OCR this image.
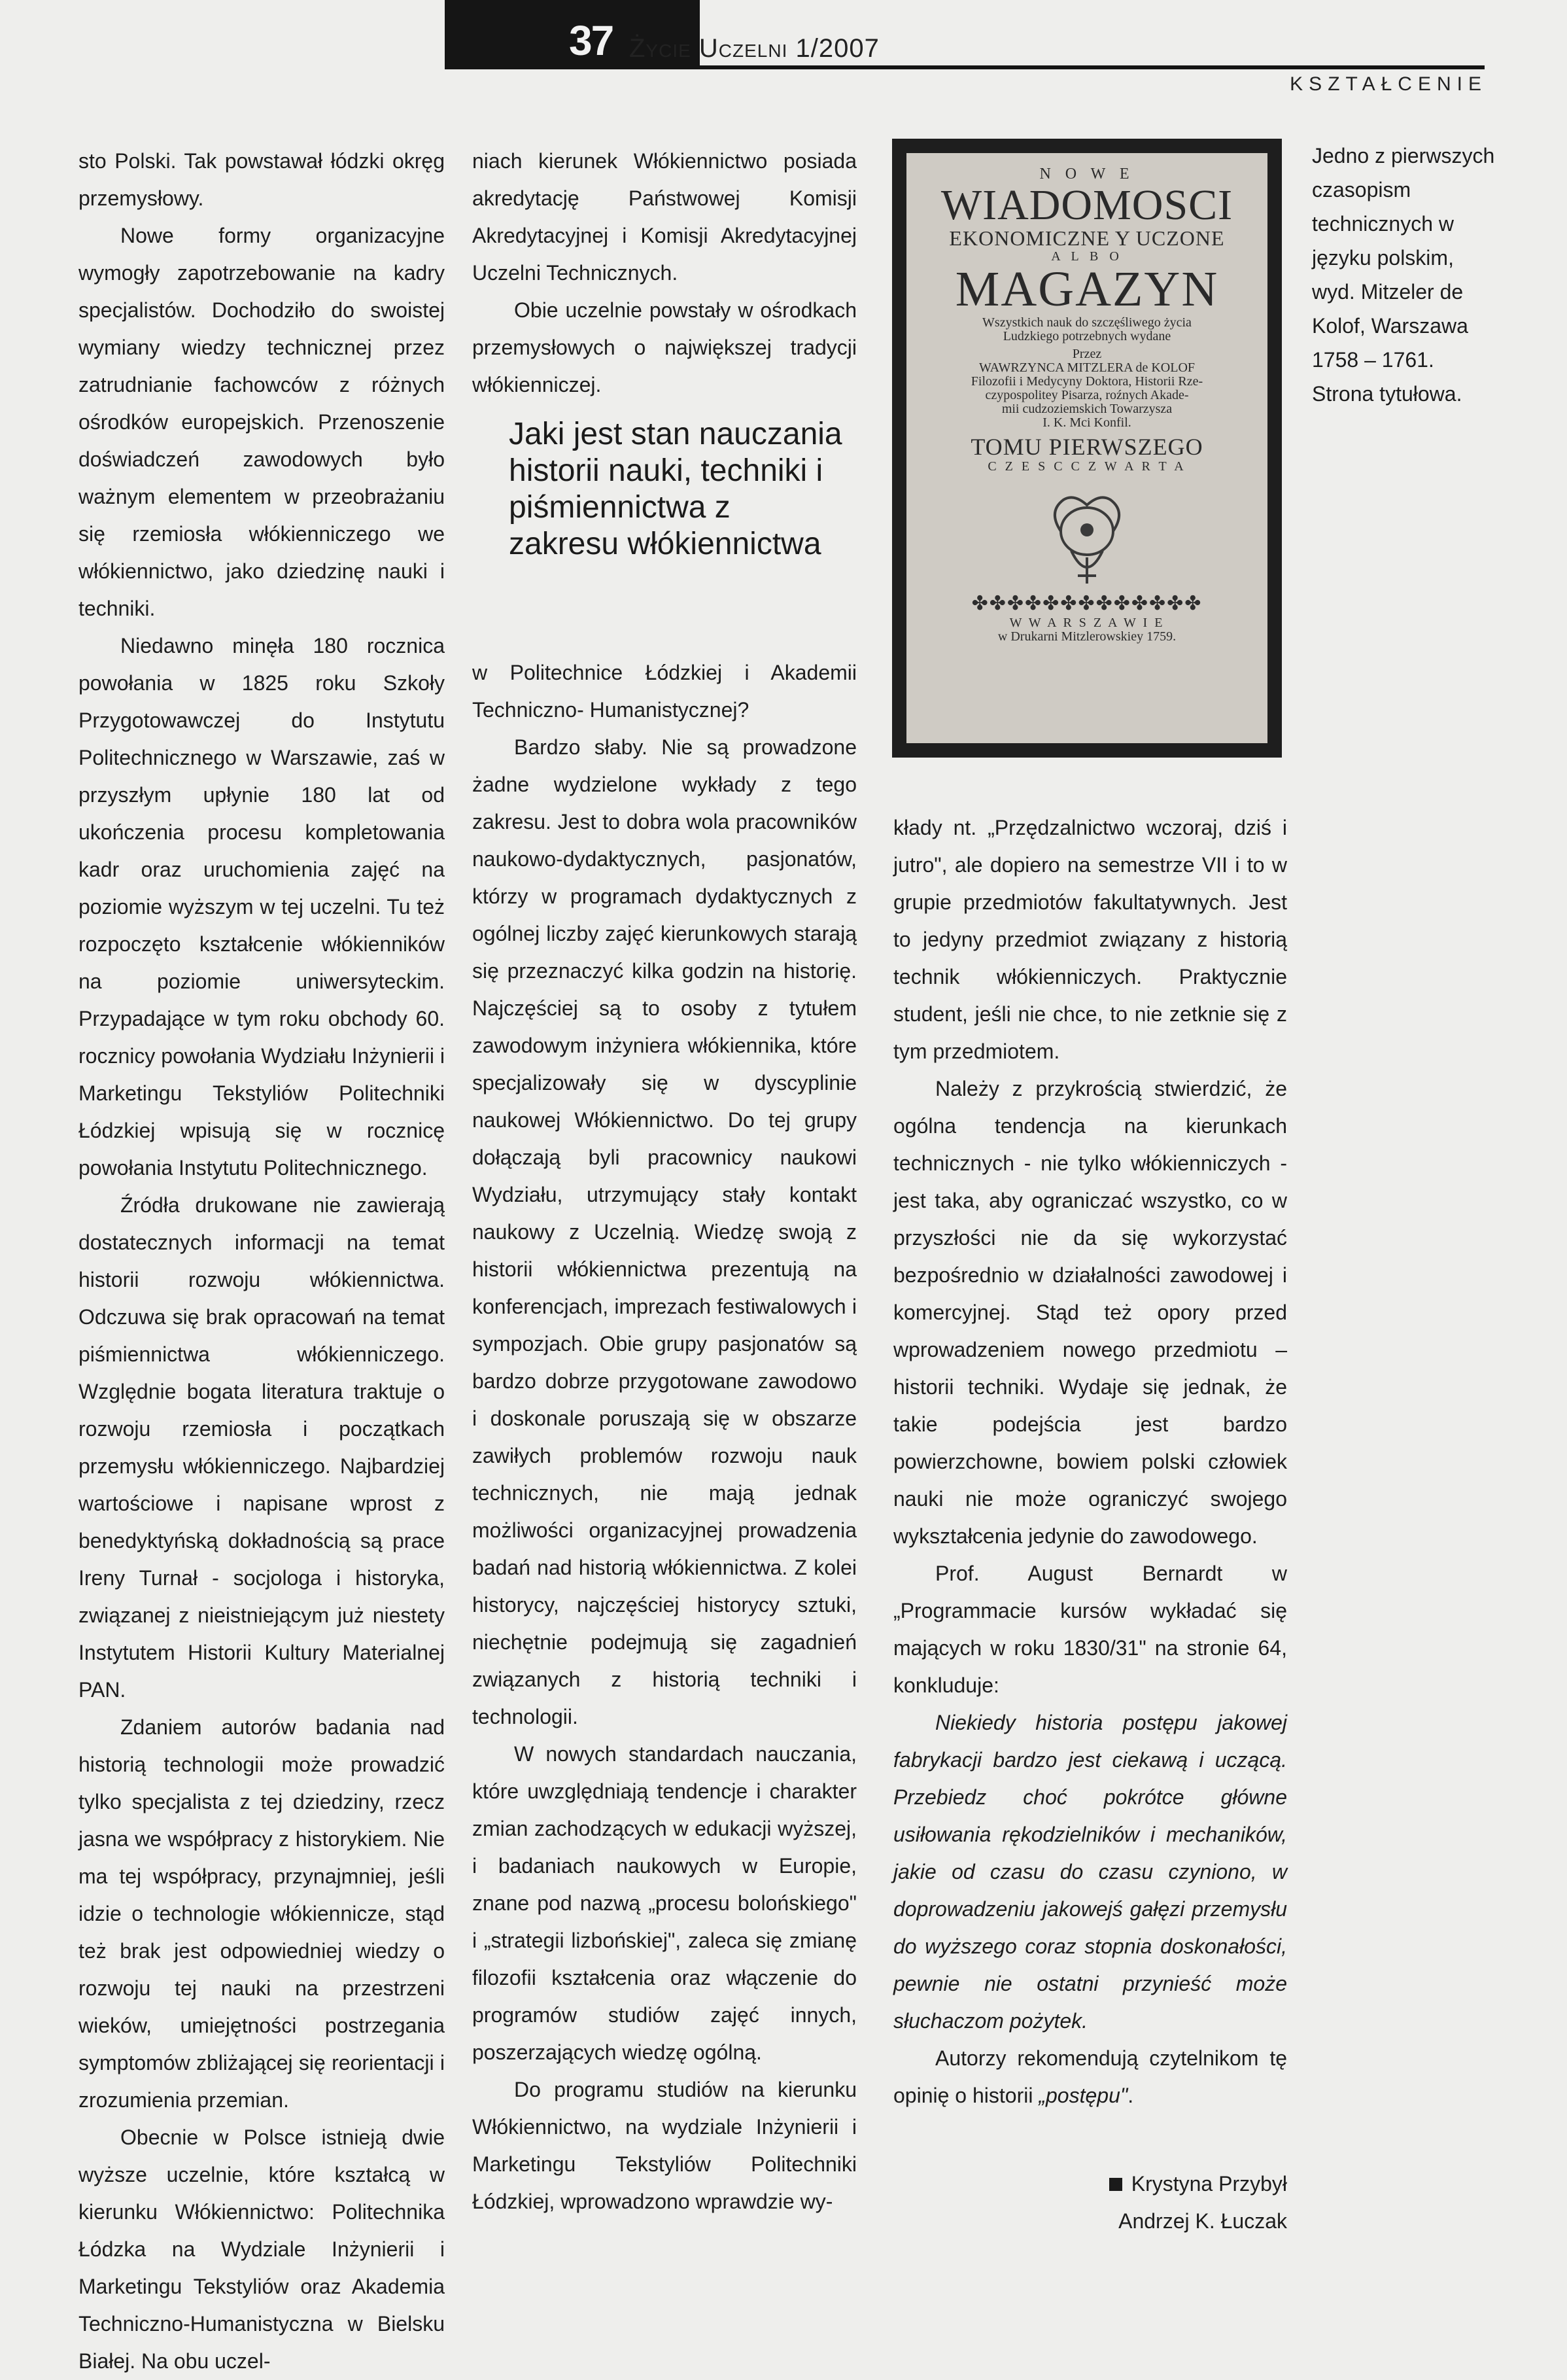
37 Życie Uczelni 1/2007
KSZTAŁCENIE

sto Polski. Tak powstawał łódzki okręg przemysłowy.

Nowe formy organizacyjne wymogły zapotrzebowanie na kadry specjalistów. Dochodziło do swoistej wymiany wiedzy technicznej przez zatrudnianie fachowców z różnych ośrodków europejskich. Przenoszenie doświadczeń zawodowych było ważnym elementem w przeobrażaniu się rzemiosła włókienniczego we włókiennictwo, jako dziedzinę nauki i techniki.

Niedawno minęła 180 rocznica powołania w 1825 roku Szkoły Przygotowawczej do Instytutu Politechnicznego w Warszawie, zaś w przyszłym upłynie 180 lat od ukończenia procesu kompletowania kadr oraz uruchomienia zajęć na poziomie wyższym w tej uczelni. Tu też rozpoczęto kształcenie włókienników na poziomie uniwersyteckim. Przypadające w tym roku obchody 60. rocznicy powołania Wydziału Inżynierii i Marketingu Tekstyliów Politechniki Łódzkiej wpisują się w rocznicę powołania Instytutu Politechnicznego.

Źródła drukowane nie zawierają dostatecznych informacji na temat historii rozwoju włókiennictwa. Odczuwa się brak opracowań na temat piśmiennictwa włókienniczego. Względnie bogata literatura traktuje o rozwoju rzemiosła i początkach przemysłu włókienniczego. Najbardziej wartościowe i napisane wprost z benedyktyńską dokładnością są prace Ireny Turnał - socjologa i historyka, związanej z nieistniejącym już niestety Instytutem Historii Kultury Materialnej PAN.

Zdaniem autorów badania nad historią technologii może prowadzić tylko specjalista z tej dziedziny, rzecz jasna we współpracy z historykiem. Nie ma tej współpracy, przynajmniej, jeśli idzie o technologie włókiennicze, stąd też brak jest odpowiedniej wiedzy o rozwoju tej nauki na przestrzeni wieków, umiejętności postrzegania symptomów zbliżającej się reorientacji i zrozumienia przemian.

Obecnie w Polsce istnieją dwie wyższe uczelnie, które kształcą w kierunku Włókiennictwo: Politechnika Łódzka na Wydziale Inżynierii i Marketingu Tekstyliów oraz Akademia Techniczno-Humanistyczna w Bielsku Białej. Na obu uczel-

niach kierunek Włókiennictwo posiada akredytację Państwowej Komisji Akredytacyjnej i Komisji Akredytacyjnej Uczelni Technicznych.

Obie uczelnie powstały w ośrodkach przemysłowych o największej tradycji włókienniczej.

Jaki jest stan nauczania historii nauki, techniki i piśmiennictwa z zakresu włókiennictwa

w Politechnice Łódzkiej i Akademii Techniczno- Humanistycznej?

Bardzo słaby. Nie są prowadzone żadne wydzielone wykłady z tego zakresu. Jest to dobra wola pracowników naukowo-dydaktycznych, pasjonatów, którzy w programach dydaktycznych z ogólnej liczby zajęć kierunkowych starają się przeznaczyć kilka godzin na historię. Najczęściej są to osoby z tytułem zawodowym inżyniera włókiennika, które specjalizowały się w dyscyplinie naukowej Włókiennictwo. Do tej grupy dołączają byli pracownicy naukowi Wydziału, utrzymujący stały kontakt naukowy z Uczelnią. Wiedzę swoją z historii włókiennictwa prezentują na konferencjach, imprezach festiwalowych i sympozjach. Obie grupy pasjonatów są bardzo dobrze przygotowane zawodowo i doskonale poruszają się w obszarze zawiłych problemów rozwoju nauk technicznych, nie mają jednak możliwości organizacyjnej prowadzenia badań nad historią włókiennictwa. Z kolei historycy, najczęściej historycy sztuki, niechętnie podejmują się zagadnień związanych z historią techniki i technologii.

W nowych standardach nauczania, które uwzględniają tendencje i charakter zmian zachodzących w edukacji wyższej, i badaniach naukowych w Europie, znane pod nazwą „procesu bolońskiego" i „strategii lizbońskiej", zaleca się zmianę filozofii kształcenia oraz włączenie do programów studiów zajęć innych, poszerzających wiedzę ogólną.

Do programu studiów na kierunku Włókiennictwo, na wydziale Inżynierii i Marketingu Tekstyliów Politechniki Łódzkiej, wprowadzono wprawdzie wy-

N O W E
WIADOMOSCI
EKONOMICZNE Y UCZONE
A L B O
MAGAZYN
Wszystkich nauk do szczęśliwego życia
Ludzkiego potrzebnych wydane
Przez
WAWRZYNCA MITZLERA de KOLOF
Filozofii i Medycyny Doktora, Historii Rze-
czypospolitey Pisarza, roźnych Akade-
mii cudzoziemskich Towarzysza
I. K. Mci Konfil.
TOMU PIERWSZEGO
C Z E S C C Z W A R T A
✤✤✤✤✤✤✤✤✤✤✤✤✤
W W A R S Z A W I E
w Drukarni Mitzlerowskiey 1759.
Jedno z pierwszych czasopism technicznych w języku polskim, wyd. Mitzeler de Kolof, Warszawa 1758 – 1761. Strona tytułowa.

kłady nt. „Przędzalnictwo wczoraj, dziś i jutro", ale dopiero na semestrze VII i to w grupie przedmiotów fakultatywnych. Jest to jedyny przedmiot związany z historią technik włókienniczych. Praktycznie student, jeśli nie chce, to nie zetknie się z tym przedmiotem.

Należy z przykrością stwierdzić, że ogólna tendencja na kierunkach technicznych - nie tylko włókienniczych - jest taka, aby ograniczać wszystko, co w przyszłości nie da się wykorzystać bezpośrednio w działalności zawodowej i komercyjnej. Stąd też opory przed wprowadzeniem nowego przedmiotu – historii techniki. Wydaje się jednak, że takie podejścia jest bardzo powierzchowne, bowiem polski człowiek nauki nie może ograniczyć swojego wykształcenia jedynie do zawodowego.

Prof. August Bernardt w „Programmacie kursów wykładać się mających w roku 1830/31" na stronie 64, konkluduje:

Niekiedy historia postępu jakowej fabrykacji bardzo jest ciekawą i uczącą. Przebiedz choć pokrótce główne usiłowania rękodzielników i mechaników, jakie od czasu do czasu czyniono, w doprowadzeniu jakowejś gałęzi przemysłu do wyższego coraz stopnia doskonałości, pewnie nie ostatni przynieść może słuchaczom pożytek.

Autorzy rekomendują czytelnikom tę opinię o historii „postępu".

Krystyna Przybył
Andrzej K. Łuczak
